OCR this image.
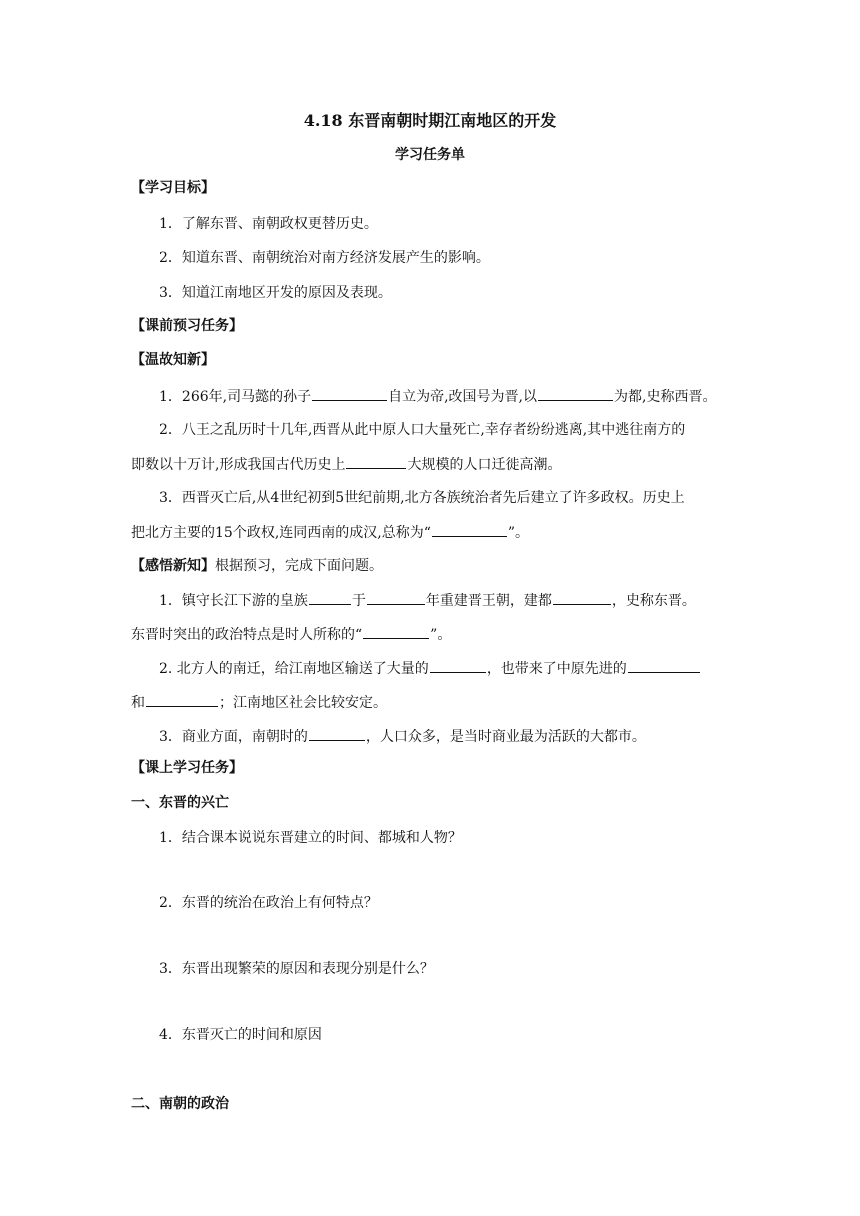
4.18 东晋南朝时期江南地区的开发
学习任务单
【学习目标】
1．了解东晋、南朝政权更替历史。
2．知道东晋、南朝统治对南方经济发展产生的影响。
3．知道江南地区开发的原因及表现。
【课前预习任务】
【温故知新】
1．266年,司马懿的孙子	自立为帝,改国号为晋,以	为都,史称西晋。
2．八王之乱历时十几年,西晋从此中原人口大量死亡,幸存者纷纷逃离,其中逃往南方的
即数以十万计,形成我国古代历史上	大规模的人口迁徙高潮。
3．西晋灭亡后,从4世纪初到5世纪前期,北方各族统治者先后建立了许多政权。历史上
把北方主要的15个政权,连同西南的成汉,总称为“	”。
【感悟新知】根据预习，完成下面问题。
1．镇守长江下游的皇族	于	年重建晋王朝，建都	，史称东晋。
东晋时突出的政治特点是时人所称的“	”。
2. 北方人的南迁，给江南地区输送了大量的	，也带来了中原先进的
和	；江南地区社会比较安定。
3．商业方面，南朝时的	，人口众多，是当时商业最为活跃的大都市。
【课上学习任务】
一、东晋的兴亡
1．结合课本说说东晋建立的时间、都城和人物？
2．东晋的统治在政治上有何特点？
3．东晋出现繁荣的原因和表现分别是什么？
4．东晋灭亡的时间和原因
二、南朝的政治
